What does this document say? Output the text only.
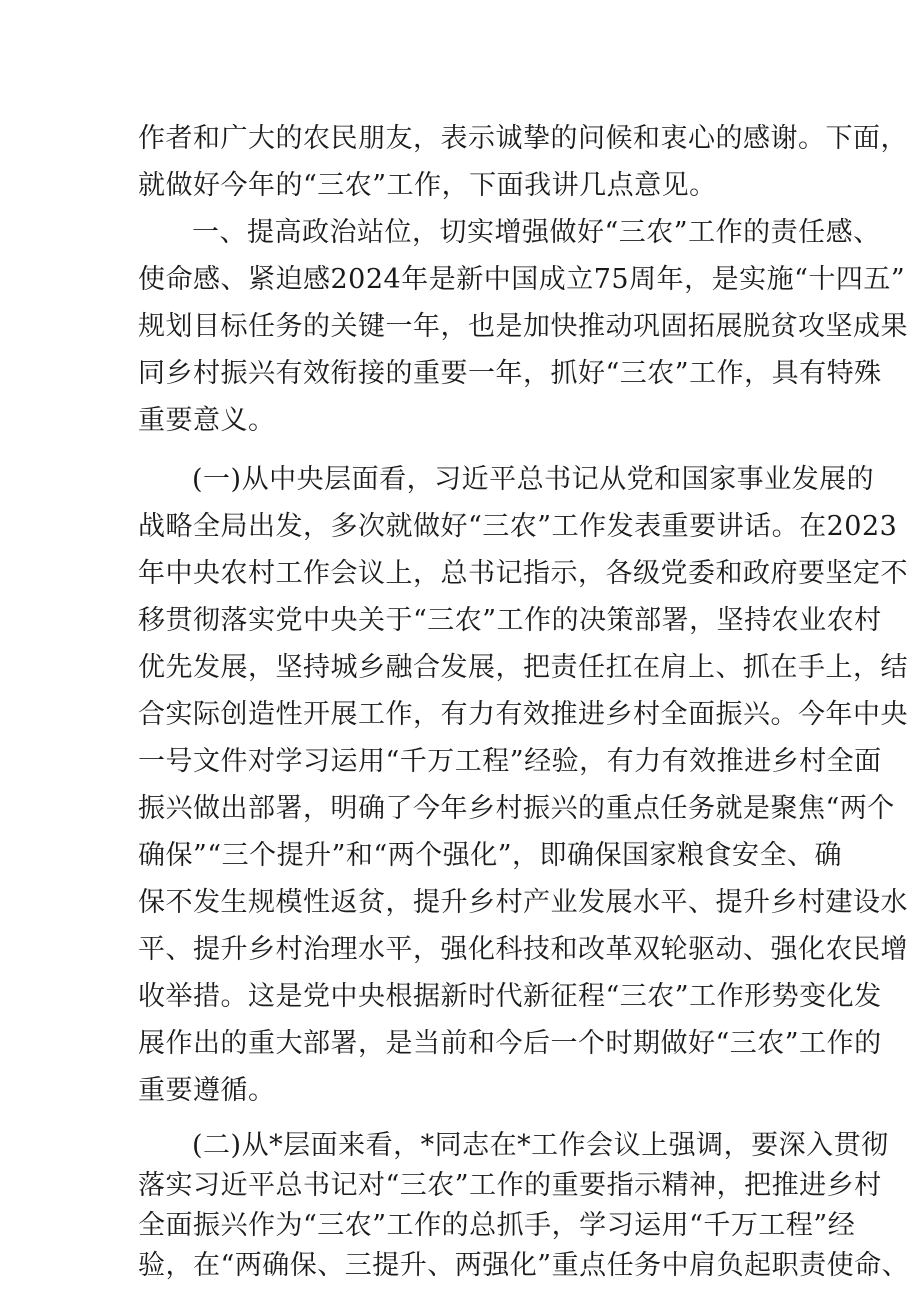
作者和广大的农民朋友，表示诚挚的问候和衷心的感谢。下面，
就做好今年的“三农”工作，下面我讲几点意见。
一、提高政治站位，切实增强做好“三农”工作的责任感、
使命感、紧迫感2024年是新中国成立75周年，是实施“十四五”
规划目标任务的关键一年，也是加快推动巩固拓展脱贫攻坚成果
同乡村振兴有效衔接的重要一年，抓好“三农”工作，具有特殊
重要意义。
(一)从中央层面看，习近平总书记从党和国家事业发展的
战略全局出发，多次就做好“三农”工作发表重要讲话。在2023
年中央农村工作会议上，总书记指示，各级党委和政府要坚定不
移贯彻落实党中央关于“三农”工作的决策部署，坚持农业农村
优先发展，坚持城乡融合发展，把责任扛在肩上、抓在手上，结
合实际创造性开展工作，有力有效推进乡村全面振兴。今年中央
一号文件对学习运用“千万工程”经验，有力有效推进乡村全面
振兴做出部署，明确了今年乡村振兴的重点任务就是聚焦“两个
确保”“三个提升”和“两个强化”，即确保国家粮食安全、确
保不发生规模性返贫，提升乡村产业发展水平、提升乡村建设水
平、提升乡村治理水平，强化科技和改革双轮驱动、强化农民增
收举措。这是党中央根据新时代新征程“三农”工作形势变化发
展作出的重大部署，是当前和今后一个时期做好“三农”工作的
重要遵循。
(二)从*层面来看，*同志在*工作会议上强调，要深入贯彻
落实习近平总书记对“三农”工作的重要指示精神，把推进乡村
全面振兴作为“三农”工作的总抓手，学习运用“千万工程”经
验，在“两确保、三提升、两强化”重点任务中肩负起职责使命、
